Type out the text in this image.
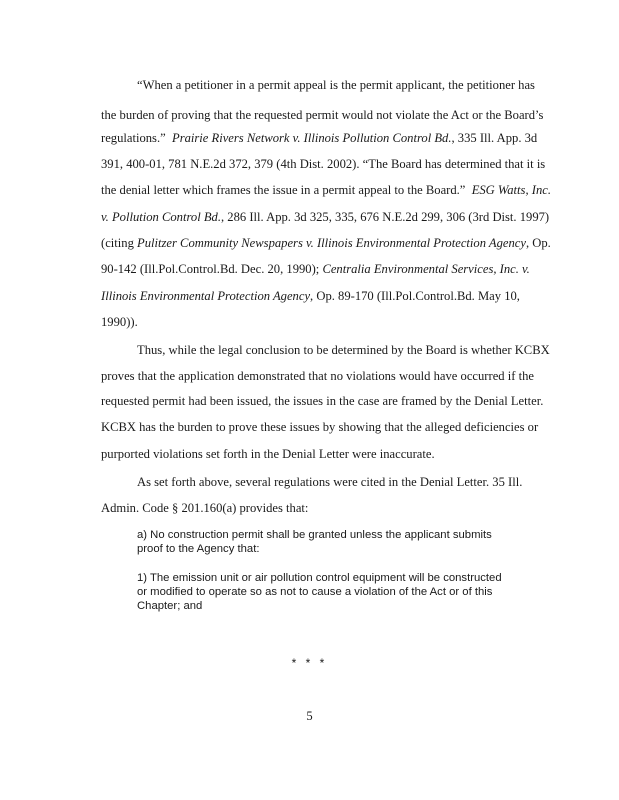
“When a petitioner in a permit appeal is the permit applicant, the petitioner has
the burden of proving that the requested permit would not violate the Act or the Board’s
regulations.” Prairie Rivers Network v. Illinois Pollution Control Bd., 335 Ill. App. 3d
391, 400-01, 781 N.E.2d 372, 379 (4th Dist. 2002). “The Board has determined that it is
the denial letter which frames the issue in a permit appeal to the Board.” ESG Watts, Inc.
v. Pollution Control Bd., 286 Ill. App. 3d 325, 335, 676 N.E.2d 299, 306 (3rd Dist. 1997)
(citing Pulitzer Community Newspapers v. Illinois Environmental Protection Agency, Op.
90-142 (Ill.Pol.Control.Bd. Dec. 20, 1990); Centralia Environmental Services, Inc. v.
Illinois Environmental Protection Agency, Op. 89-170 (Ill.Pol.Control.Bd. May 10,
1990)).
Thus, while the legal conclusion to be determined by the Board is whether KCBX
proves that the application demonstrated that no violations would have occurred if the
requested permit had been issued, the issues in the case are framed by the Denial Letter.
KCBX has the burden to prove these issues by showing that the alleged deficiencies or
purported violations set forth in the Denial Letter were inaccurate.
As set forth above, several regulations were cited in the Denial Letter. 35 Ill.
Admin. Code § 201.160(a) provides that:
a) No construction permit shall be granted unless the applicant submits
proof to the Agency that:
1) The emission unit or air pollution control equipment will be constructed
or modified to operate so as not to cause a violation of the Act or of this
Chapter; and
* * *
5
